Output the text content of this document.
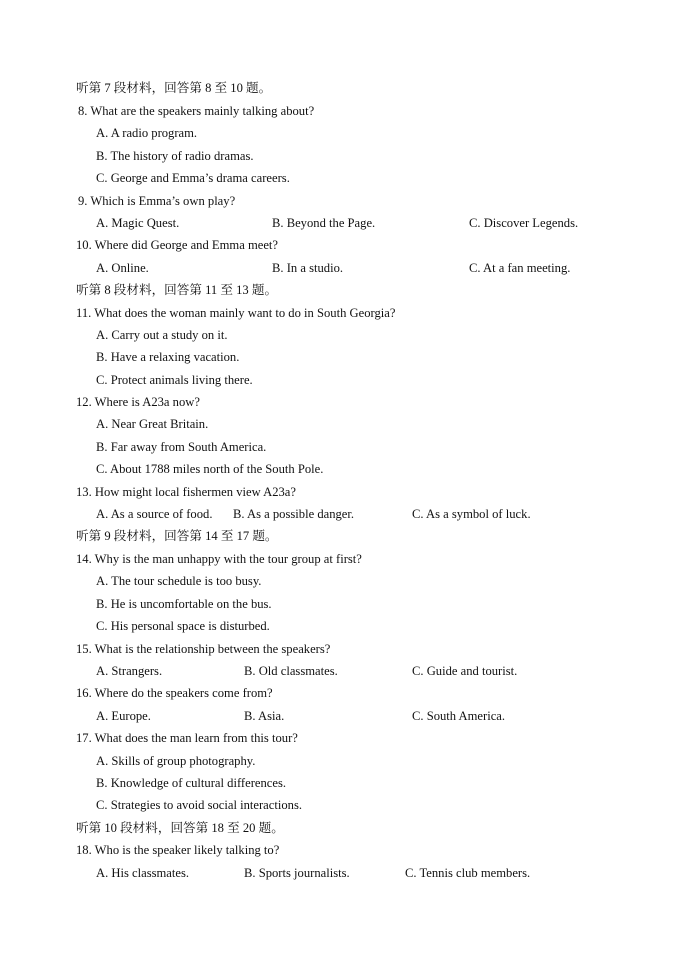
听第 7 段材料，回答第 8 至 10 题。
8. What are the speakers mainly talking about?
A. A radio program.
B. The history of radio dramas.
C. George and Emma’s drama careers.
9. Which is Emma’s own play?
A. Magic Quest.	B. Beyond the Page.	C. Discover Legends.
10. Where did George and Emma meet?
A. Online.	B. In a studio.	C. At a fan meeting.
听第 8 段材料，回答第 11 至 13 题。
11. What does the woman mainly want to do in South Georgia?
A. Carry out a study on it.
B. Have a relaxing vacation.
C. Protect animals living there.
12. Where is A23a now?
A. Near Great Britain.
B. Far away from South America.
C. About 1788 miles north of the South Pole.
13. How might local fishermen view A23a?
A. As a source of food. B. As a possible danger.	C. As a symbol of luck.
听第 9 段材料，回答第 14 至 17 题。
14. Why is the man unhappy with the tour group at first?
A. The tour schedule is too busy.
B. He is uncomfortable on the bus.
C. His personal space is disturbed.
15. What is the relationship between the speakers?
A. Strangers.	B. Old classmates.	C. Guide and tourist.
16. Where do the speakers come from?
A. Europe.	B. Asia.	C. South America.
17. What does the man learn from this tour?
A. Skills of group photography.
B. Knowledge of cultural differences.
C. Strategies to avoid social interactions.
听第 10 段材料，回答第 18 至 20 题。
18. Who is the speaker likely talking to?
A. His classmates.	B. Sports journalists.	C. Tennis club members.
